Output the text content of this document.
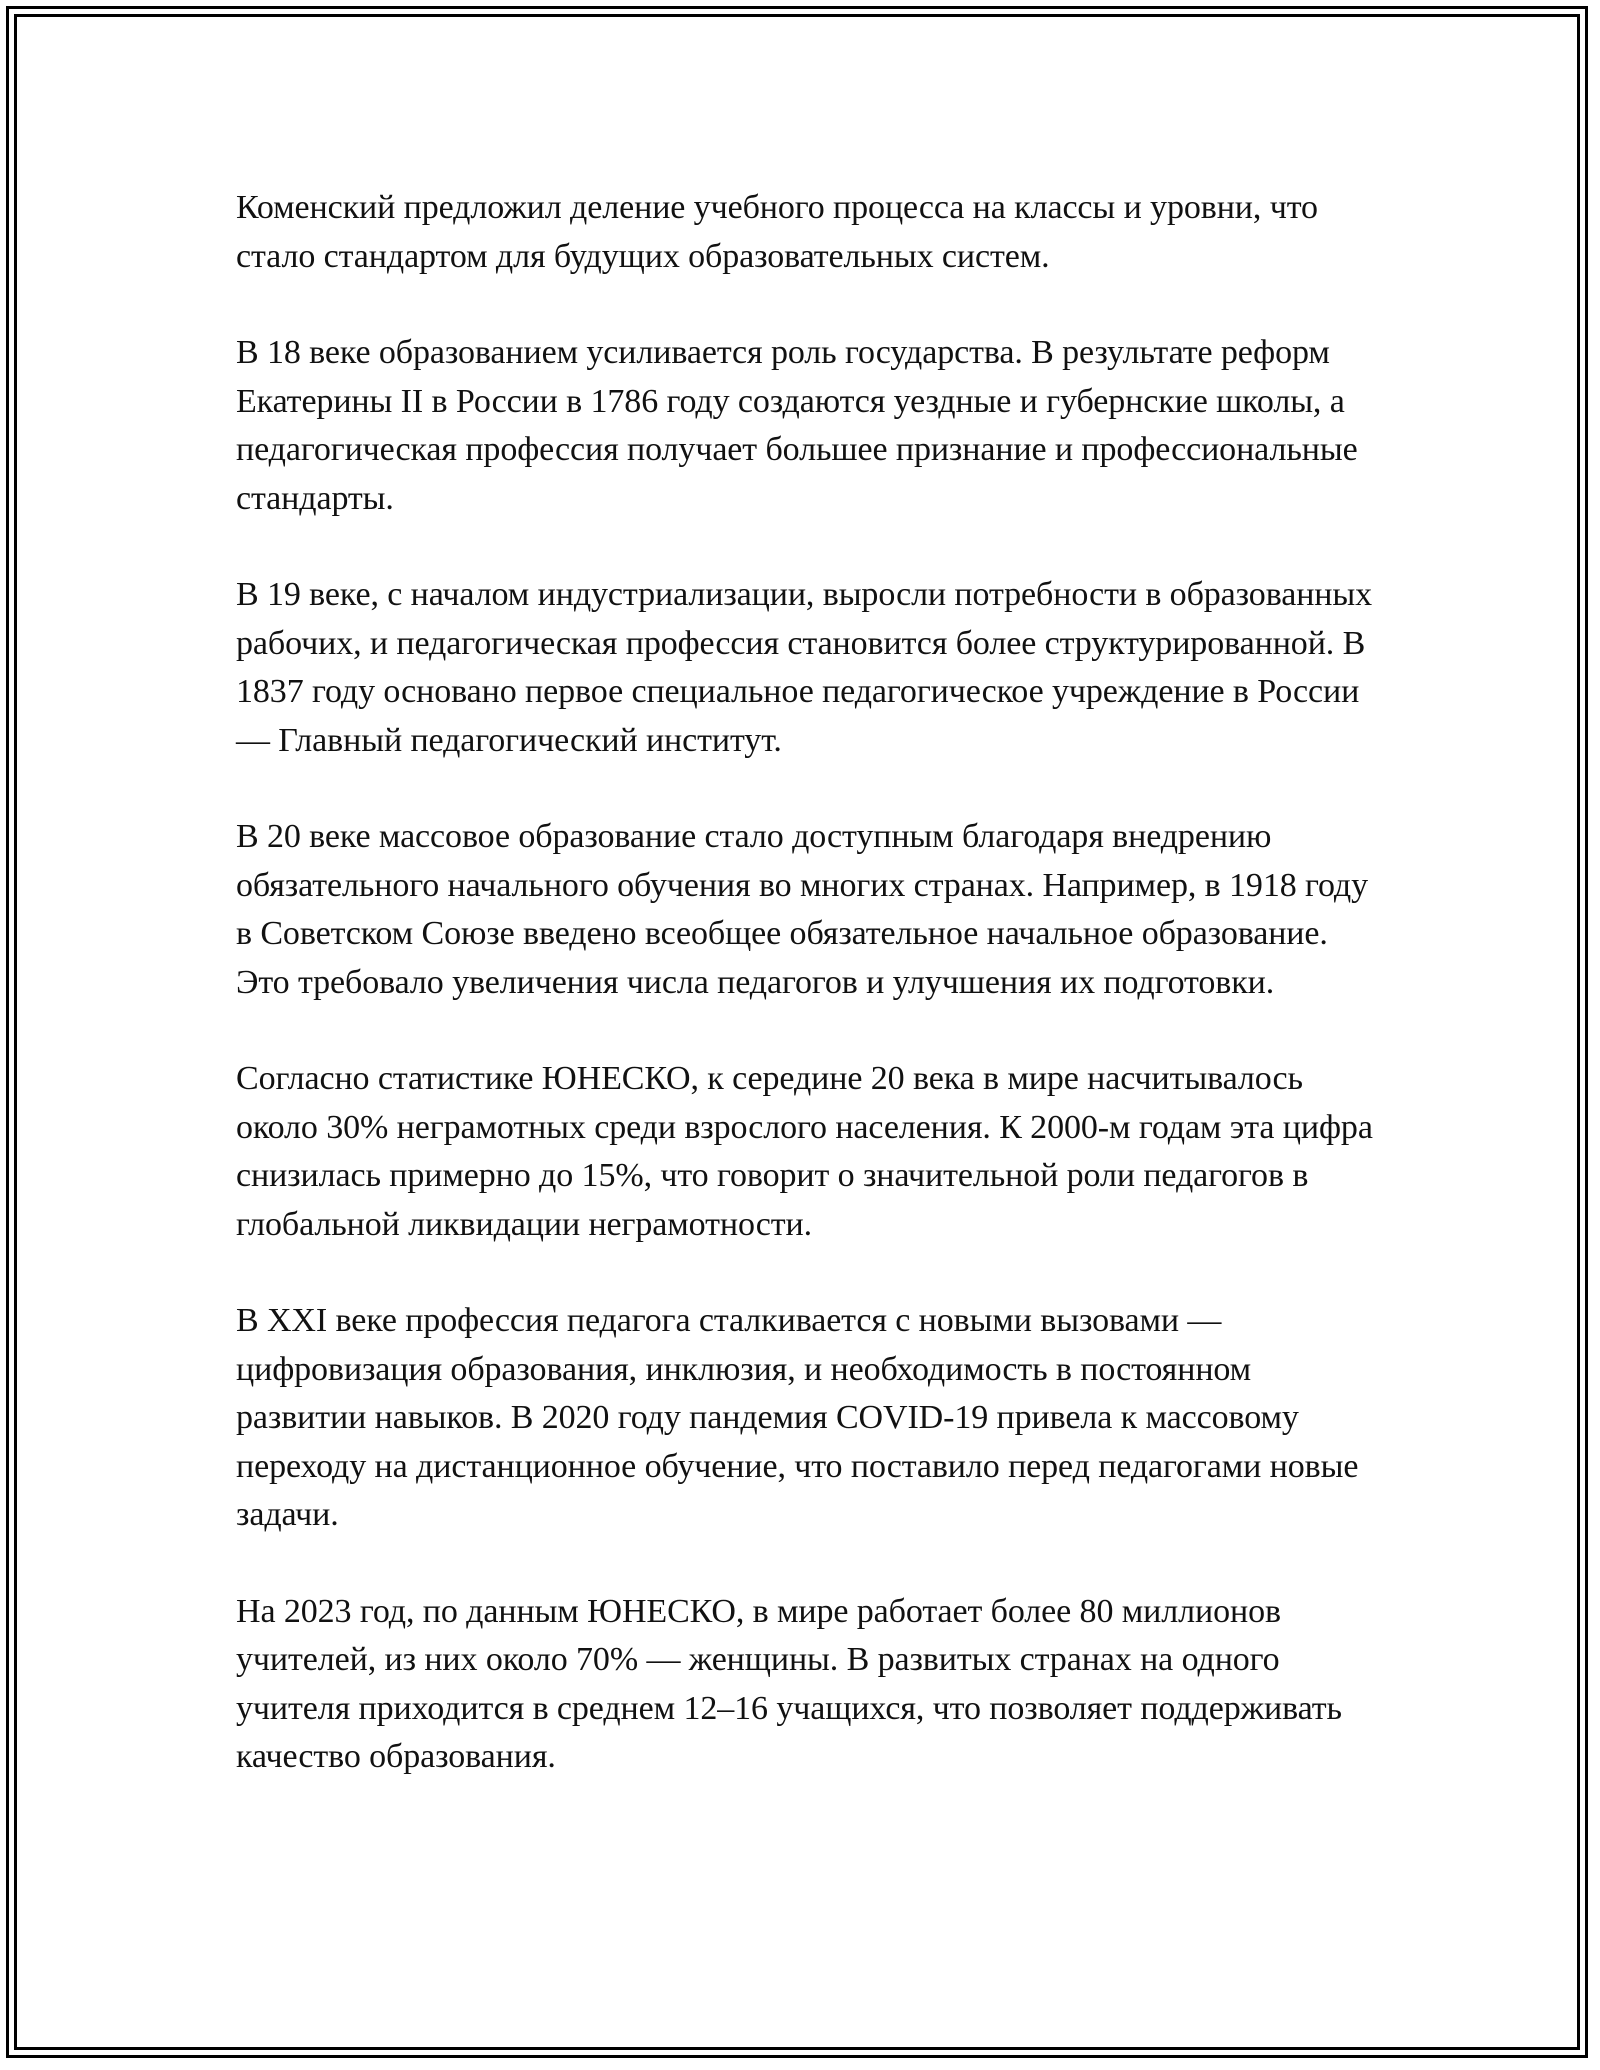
Коменский предложил деление учебного процесса на классы и уровни, что стало стандартом для будущих образовательных систем.

В 18 веке образованием усиливается роль государства. В результате реформ Екатерины II в России в 1786 году создаются уездные и губернские школы, а педагогическая профессия получает большее признание и профессиональные стандарты.

В 19 веке, с началом индустриализации, выросли потребности в образованных рабочих, и педагогическая профессия становится более структурированной. В 1837 году основано первое специальное педагогическое учреждение в России — Главный педагогический институт.

В 20 веке массовое образование стало доступным благодаря внедрению обязательного начального обучения во многих странах. Например, в 1918 году в Советском Союзе введено всеобщее обязательное начальное образование. Это требовало увеличения числа педагогов и улучшения их подготовки.

Согласно статистике ЮНЕСКО, к середине 20 века в мире насчитывалось около 30% неграмотных среди взрослого населения. К 2000-м годам эта цифра снизилась примерно до 15%, что говорит о значительной роли педагогов в глобальной ликвидации неграмотности.

В XXI веке профессия педагога сталкивается с новыми вызовами — цифровизация образования, инклюзия, и необходимость в постоянном развитии навыков. В 2020 году пандемия COVID-19 привела к массовому переходу на дистанционное обучение, что поставило перед педагогами новые задачи.

На 2023 год, по данным ЮНЕСКО, в мире работает более 80 миллионов учителей, из них около 70% — женщины. В развитых странах на одного учителя приходится в среднем 12–16 учащихся, что позволяет поддерживать качество образования.
